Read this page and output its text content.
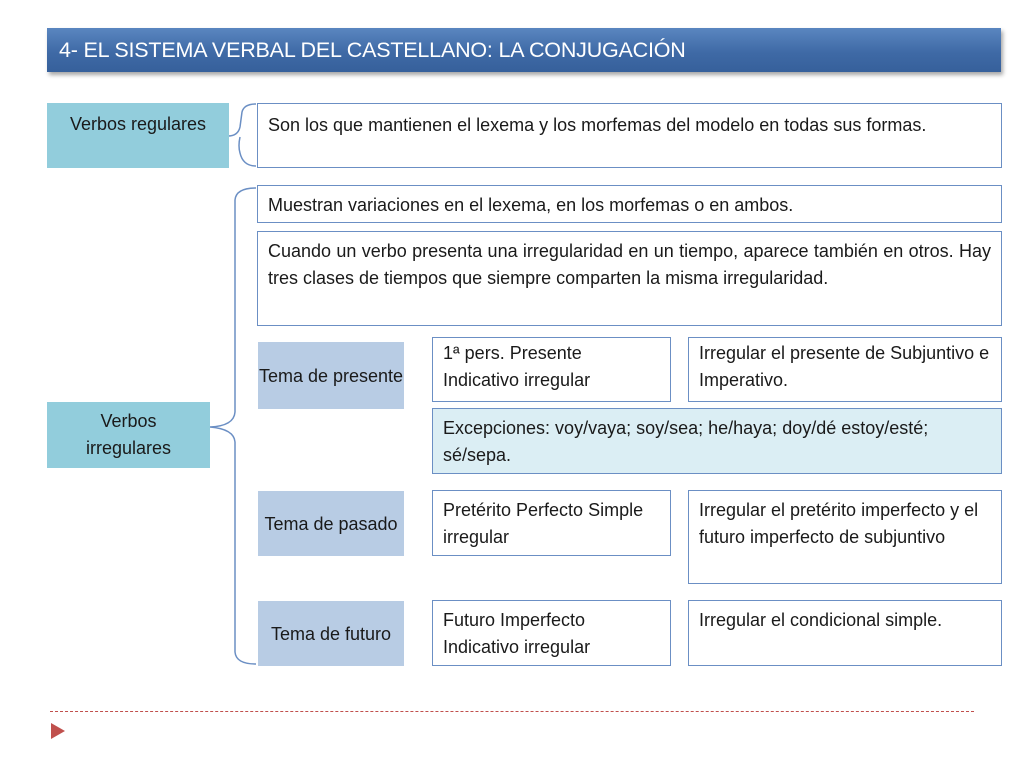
4- EL SISTEMA VERBAL DEL CASTELLANO: LA CONJUGACIÓN
Verbos regulares	Son los que mantienen el lexema y los morfemas del modelo en todas sus formas.
Verbos irregulares
Muestran variaciones en el lexema, en los morfemas o en ambos.
Cuando un verbo presenta una irregularidad en un tiempo, aparece también en otros. Hay tres clases de tiempos que siempre comparten la misma irregularidad.
Tema de presente
1ª pers. Presente Indicativo irregular
Irregular el presente de Subjuntivo e Imperativo.
Excepciones: voy/vaya; soy/sea; he/haya; doy/dé estoy/esté; sé/sepa.
Tema de pasado
Pretérito Perfecto Simple irregular
Irregular el pretérito imperfecto y el futuro imperfecto de subjuntivo
Tema de futuro
Futuro Imperfecto Indicativo irregular
Irregular el condicional simple.
